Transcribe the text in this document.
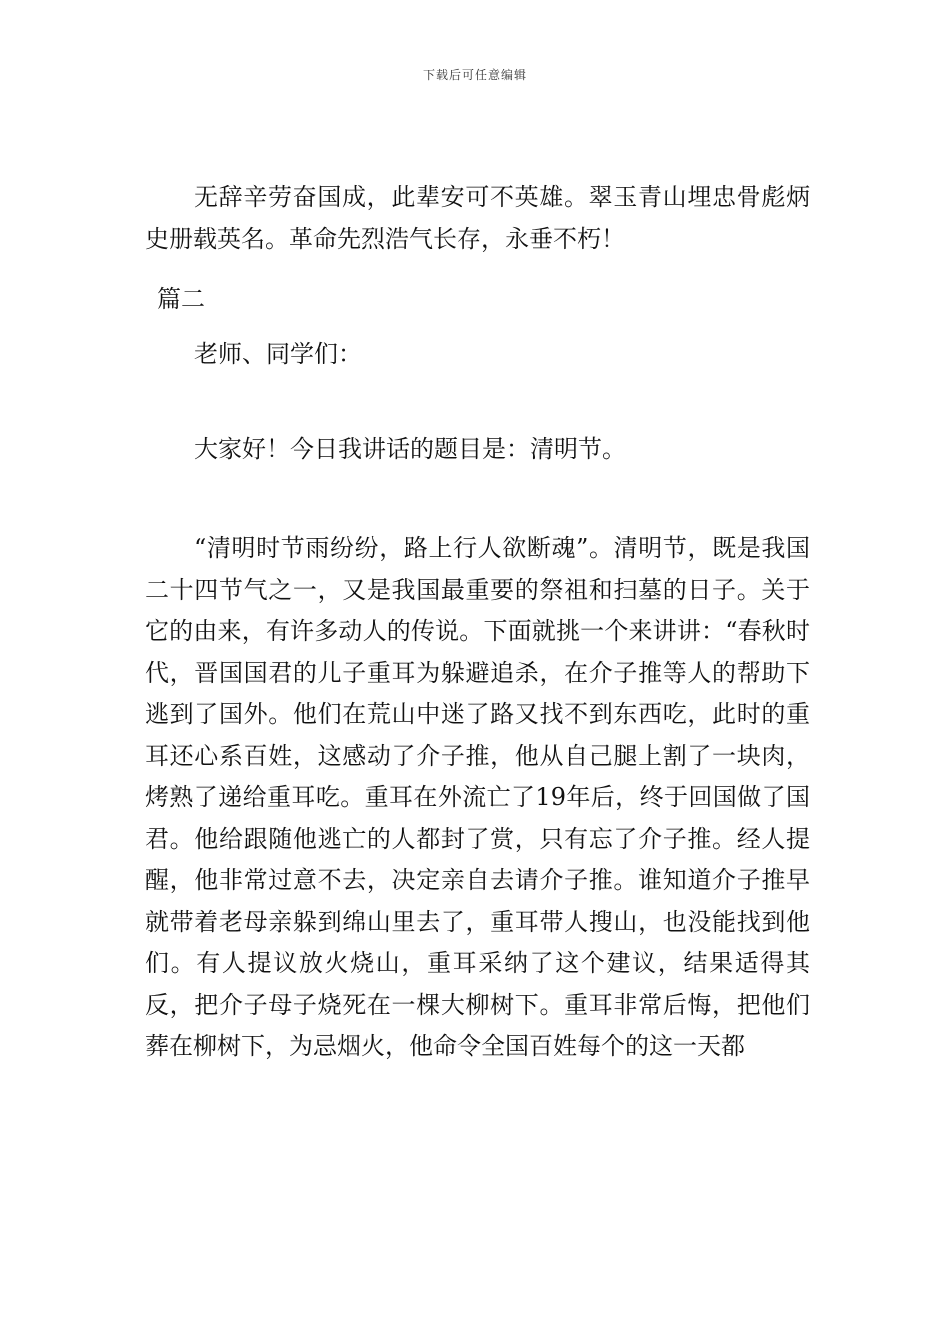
下载后可任意编辑

无辞辛劳奋国成，此辈安可不英雄。翠玉青山埋忠骨彪炳史册载英名。革命先烈浩气长存，永垂不朽！

篇二

老师、同学们：

大家好！今日我讲话的题目是：清明节。

“清明时节雨纷纷，路上行人欲断魂”。清明节，既是我国二十四节气之一，又是我国最重要的祭祖和扫墓的日子。关于它的由来，有许多动人的传说。下面就挑一个来讲讲：“春秋时代，晋国国君的儿子重耳为躲避追杀，在介子推等人的帮助下逃到了国外。他们在荒山中迷了路又找不到东西吃，此时的重耳还心系百姓，这感动了介子推，他从自己腿上割了一块肉，烤熟了递给重耳吃。重耳在外流亡了19年后，终于回国做了国君。他给跟随他逃亡的人都封了赏，只有忘了介子推。经人提醒，他非常过意不去，决定亲自去请介子推。谁知道介子推早就带着老母亲躲到绵山里去了，重耳带人搜山，也没能找到他们。有人提议放火烧山，重耳采纳了这个建议，结果适得其反，把介子母子烧死在一棵大柳树下。重耳非常后悔，把他们葬在柳树下，为忌烟火，他命令全国百姓每个的这一天都
